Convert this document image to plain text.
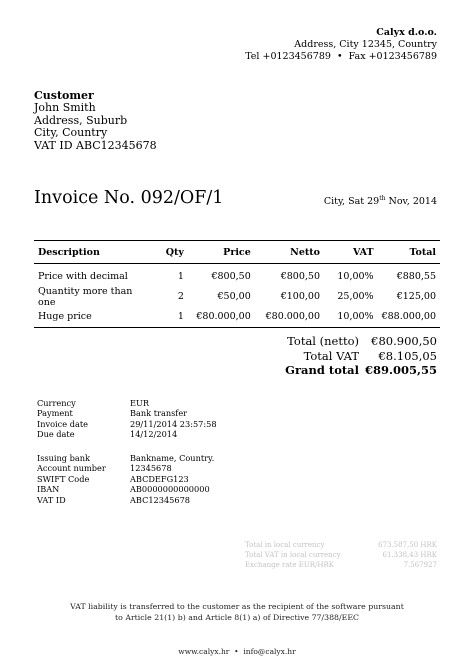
Calyx d.o.o.
Address, City 12345, Country
Tel +0123456789  •  Fax +0123456789
Customer
John Smith
Address, Suburb
City, Country
VAT ID ABC12345678
Invoice No. 092/OF/1	City, Sat 29th Nov, 2014
Description	Qty	Price	Netto	VAT	Total
Price with decimal	1	€800,50	€800,50	10,00%	€880,55
Quantity more than one	2	€50,00	€100,00	25,00%	€125,00
Huge price	1	€80.000,00	€80.000,00	10,00%	€88.000,00
Total (netto)	€80.900,50
Total VAT	€8.105,05
Grand total €89.005,55
Currency	EUR
Payment	Bank transfer
Invoice date	29/11/2014 23:57:58
Due date	14/12/2014
Issuing bank	Bankname, Country.
Account number	12345678
SWIFT Code	ABCDEFG123
IBAN	AB0000000000000
VAT ID	ABC12345678
Total in local currency	673.587,50 HRK
Total VAT in local currency	61.338,43 HRK
Exchange rate EUR/HRK	7.567927
VAT liability is transferred to the customer as the recipient of the software pursuant
to Article 21(1) b) and Article 8(1) a) of Directive 77/388/EEC
www.calyx.hr  •  info@calyx.hr
